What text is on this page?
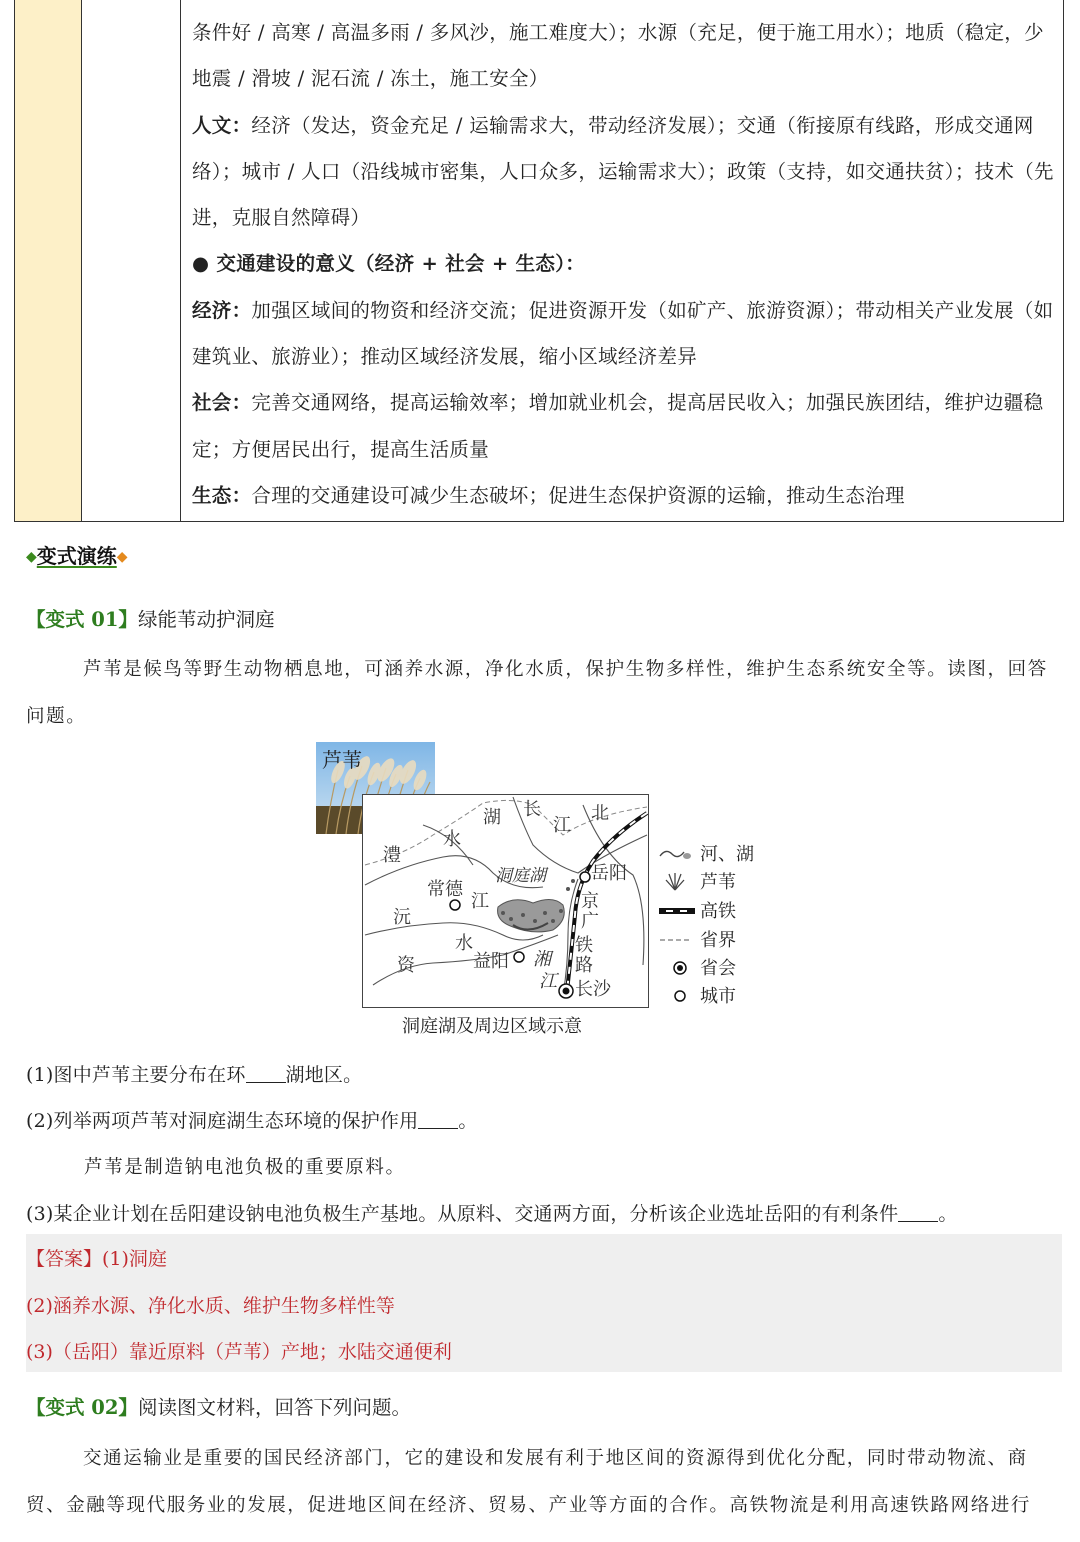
条件好 / 高寒 / 高温多雨 / 多风沙，施工难度大）；水源（充足，便于施工用水）；地质（稳定，少地震 / 滑坡 / 泥石流 / 冻土，施工安全）

人文：经济（发达，资金充足 / 运输需求大，带动经济发展）；交通（衔接原有线路，形成交通网络）；城市 / 人口（沿线城市密集，人口众多，运输需求大）；政策（支持，如交通扶贫）；技术（先进，克服自然障碍）

● 交通建设的意义（经济 + 社会 + 生态）：

经济：加强区域间的物资和经济交流；促进资源开发（如矿产、旅游资源）；带动相关产业发展（如建筑业、旅游业）；推动区域经济发展，缩小区域经济差异

社会：完善交通网络，提高运输效率；增加就业机会，提高居民收入；加强民族团结，维护边疆稳定；方便居民出行，提高生活质量

生态：合理的交通建设可减少生态破坏；促进生态保护资源的运输，推动生态治理

◆变式演练◆
【变式 01】绿能苇动护洞庭

芦苇是候鸟等野生动物栖息地，可涵养水源，净化水质，保护生物多样性，维护生态系统安全等。读图，回答问题。

芦苇
湖 长
江
北
水
澧
洞庭湖	岳阳
常德
江	京
广
沅
铁
路
水
资	益阳 湘
江 长沙
洞庭湖及周边区域示意
河、湖
芦苇
高铁
省界
省会
城市
(1)图中芦苇主要分布在环 湖地区。
(2)列举两项芦苇对洞庭湖生态环境的保护作用 。
芦苇是制造钠电池负极的重要原料。
(3)某企业计划在岳阳建设钠电池负极生产基地。从原料、交通两方面，分析该企业选址岳阳的有利条件 。
【答案】(1)洞庭
(2)涵养水源、净化水质、维护生物多样性等
(3)（岳阳）靠近原料（芦苇）产地；水陆交通便利
【变式 02】阅读图文材料，回答下列问题。

交通运输业是重要的国民经济部门，它的建设和发展有利于地区间的资源得到优化分配，同时带动物流、商贸、金融等现代服务业的发展，促进地区间在经济、贸易、产业等方面的合作。高铁物流是利用高速铁路网络进行
